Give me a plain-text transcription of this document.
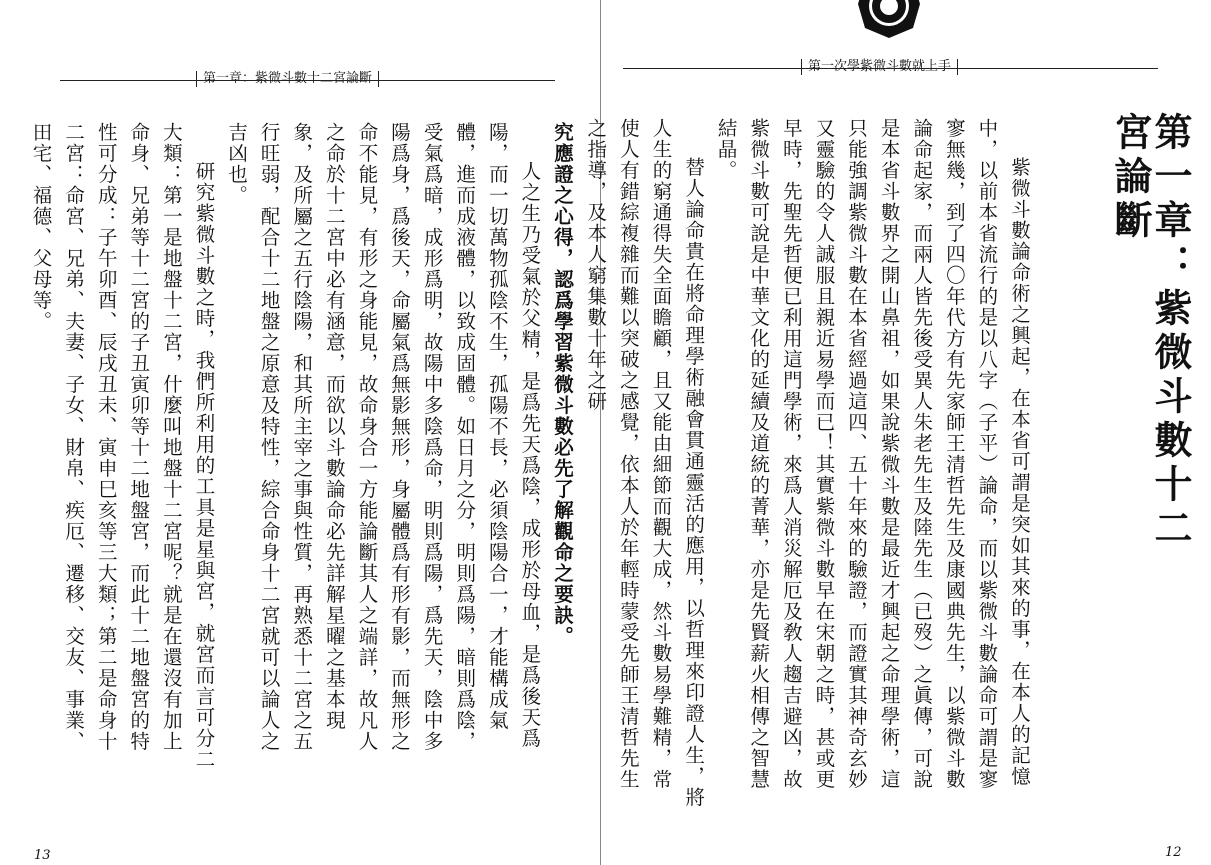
第一章：紫微斗數十二宮論斷

究應證之心得，認爲學習紫微斗數必先了解觀命之要訣。

人之生乃受氣於父精，是爲先天爲陰，成形於母血，是爲後天爲陽，而一切萬物孤陰不生，孤陽不長，必須陰陽合一，才能構成氣體，進而成液體，以致成固體。如日月之分，明則爲陽，暗則爲陰，受氣爲暗，成形爲明，故陽中多陰爲命，明則爲陽，爲先天，陰中多陽爲身，爲後天，命屬氣爲無影無形，身屬體爲有形有影，而無形之命不能見，有形之身能見，故命身合一方能論斷其人之端詳，故凡人之命於十二宮中必有涵意，而欲以斗數論命必先詳解星曜之基本現象，及所屬之五行陰陽，和其所主宰之事與性質，再熟悉十二宮之五行旺弱，配合十二地盤之原意及特性，綜合命身十二宮就可以論人之吉凶也。

研究紫微斗數之時，我們所利用的工具是星與宮，就宮而言可分二大類：第一是地盤十二宮，什麼叫地盤十二宮呢？就是在還沒有加上命身、兄弟等十二宮的子丑寅卯等十二地盤宮，而此十二地盤宮的特性可分成：子午卯酉、辰戌丑未、寅申巳亥等三大類；第二是命身十二宮：命宮、兄弟、夫妻、子女、財帛、疾厄、遷移、交友、事業、田宅、福德、父母等。

13
第一次學紫微斗數就上手

紫微斗數論命術之興起，在本省可謂是突如其來的事，在本人的記憶中，以前本省流行的是以八字（子平）論命，而以紫微斗數論命可謂是寥寥無幾，到了四〇年代方有先家師王清哲先生及康國典先生，以紫微斗數論命起家，而兩人皆先後受異人朱老先生及陸先生（已歿）之眞傳，可說是本省斗數界之開山鼻祖，如果說紫微斗數是最近才興起之命理學術，這只能強調紫微斗數在本省經過這四、五十年來的驗證，而證實其神奇玄妙又靈驗的令人誠服且親近易學而已！其實紫微斗數早在宋朝之時，甚或更早時，先聖先哲便已利用這門學術，來爲人消災解厄及敎人趨吉避凶，故紫微斗數可說是中華文化的延續及道統的菁華，亦是先賢薪火相傳之智慧結晶。

替人論命貴在將命理學術融會貫通靈活的應用，以哲理來印證人生，將人生的窮通得失全面瞻顧，且又能由細節而觀大成，然斗數易學難精，常使人有錯綜複雜而難以突破之感覺，依本人於年輕時蒙受先師王清哲先生之指導，及本人窮集數十年之研	第一章：紫微斗數十二宮論斷
12
